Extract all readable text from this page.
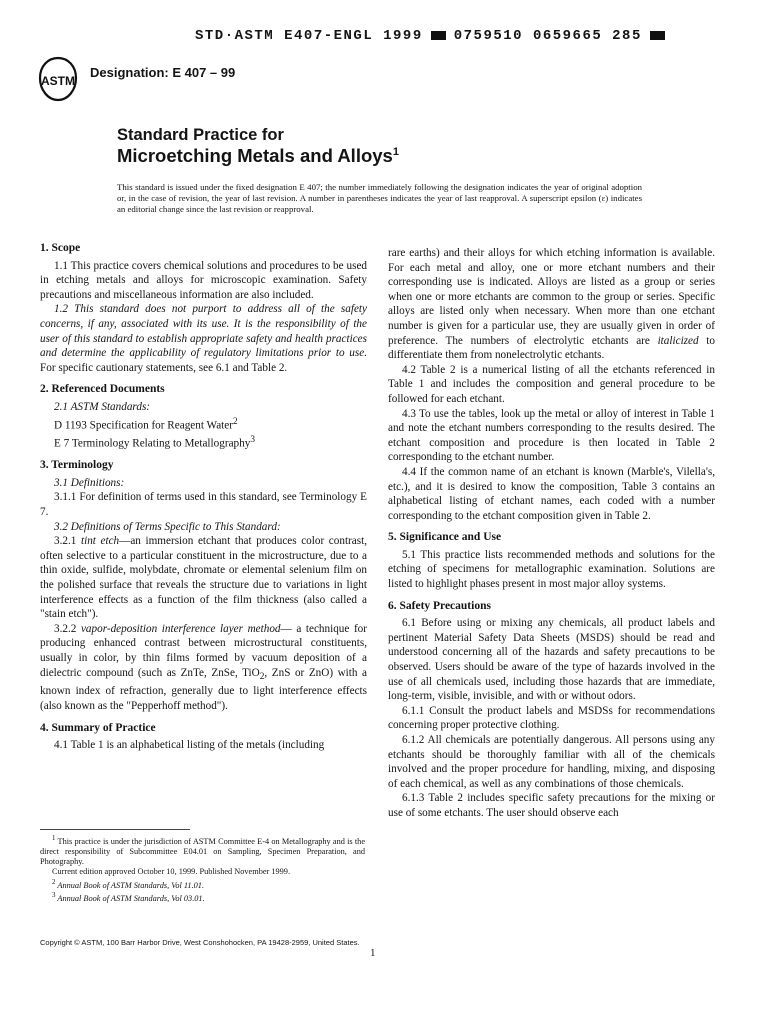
STD·ASTM E407-ENGL 1999 0759510 0659665 285
ASTM
Designation: E 407 – 99
Standard Practice for
Microetching Metals and Alloys$^1$
This standard is issued under the fixed designation E 407; the number immediately following the designation indicates the year of original adoption or, in the case of revision, the year of last revision. A number in parentheses indicates the year of last reapproval. A superscript epsilon (ε) indicates an editorial change since the last revision or reapproval.
1. Scope

1.1 This practice covers chemical solutions and procedures to be used in etching metals and alloys for microscopic examination. Safety precautions and miscellaneous information are also included.

1.2 This standard does not purport to address all of the safety concerns, if any, associated with its use. It is the responsibility of the user of this standard to establish appropriate safety and health practices and determine the applicability of regulatory limitations prior to use. For specific cautionary statements, see 6.1 and Table 2.

2. Referenced Documents

2.1 ASTM Standards:

D 1193 Specification for Reagent Water$^2$

E 7 Terminology Relating to Metallography$^3$

3. Terminology

3.1 Definitions:

3.1.1 For definition of terms used in this standard, see Terminology E 7.

3.2 Definitions of Terms Specific to This Standard:

3.2.1 tint etch—an immersion etchant that produces color contrast, often selective to a particular constituent in the microstructure, due to a thin oxide, sulfide, molybdate, chromate or elemental selenium film on the polished surface that reveals the structure due to variations in light interference effects as a function of the film thickness (also called a "stain etch").

3.2.2 vapor-deposition interference layer method— a technique for producing enhanced contrast between microstructural constituents, usually in color, by thin films formed by vacuum deposition of a dielectric compound (such as ZnTe, ZnSe, TiO$_2$, ZnS or ZnO) with a known index of refraction, generally due to light interference effects (also known as the "Pepperhoff method").

4. Summary of Practice

4.1 Table 1 is an alphabetical listing of the metals (including

rare earths) and their alloys for which etching information is available. For each metal and alloy, one or more etchant numbers and their corresponding use is indicated. Alloys are listed as a group or series when one or more etchants are common to the group or series. Specific alloys are listed only when necessary. When more than one etchant number is given for a particular use, they are usually given in order of preference. The numbers of electrolytic etchants are italicized to differentiate them from nonelectrolytic etchants.

4.2 Table 2 is a numerical listing of all the etchants referenced in Table 1 and includes the composition and general procedure to be followed for each etchant.

4.3 To use the tables, look up the metal or alloy of interest in Table 1 and note the etchant numbers corresponding to the results desired. The etchant composition and procedure is then located in Table 2 corresponding to the etchant number.

4.4 If the common name of an etchant is known (Marble's, Vilella's, etc.), and it is desired to know the composition, Table 3 contains an alphabetical listing of etchant names, each coded with a number corresponding to the etchant composition given in Table 2.

5. Significance and Use

5.1 This practice lists recommended methods and solutions for the etching of specimens for metallographic examination. Solutions are listed to highlight phases present in most major alloy systems.

6. Safety Precautions

6.1 Before using or mixing any chemicals, all product labels and pertinent Material Safety Data Sheets (MSDS) should be read and understood concerning all of the hazards and safety precautions to be observed. Users should be aware of the type of hazards involved in the use of all chemicals used, including those hazards that are immediate, long-term, visible, invisible, and with or without odors.

6.1.1 Consult the product labels and MSDSs for recommendations concerning proper protective clothing.

6.1.2 All chemicals are potentially dangerous. All persons using any etchants should be thoroughly familiar with all of the chemicals involved and the proper procedure for handling, mixing, and disposing of each chemical, as well as any combinations of those chemicals.

6.1.3 Table 2 includes specific safety precautions for the mixing or use of some etchants. The user should observe each

$^1$ This practice is under the jurisdiction of ASTM Committee E-4 on Metallography and is the direct responsibility of Subcommittee E04.01 on Sampling, Specimen Preparation, and Photography.

Current edition approved October 10, 1999. Published November 1999.

$^2$ Annual Book of ASTM Standards, Vol 11.01.

$^3$ Annual Book of ASTM Standards, Vol 03.01.

Copyright © ASTM, 100 Barr Harbor Drive, West Conshohocken, PA 19428-2959, United States.
1
